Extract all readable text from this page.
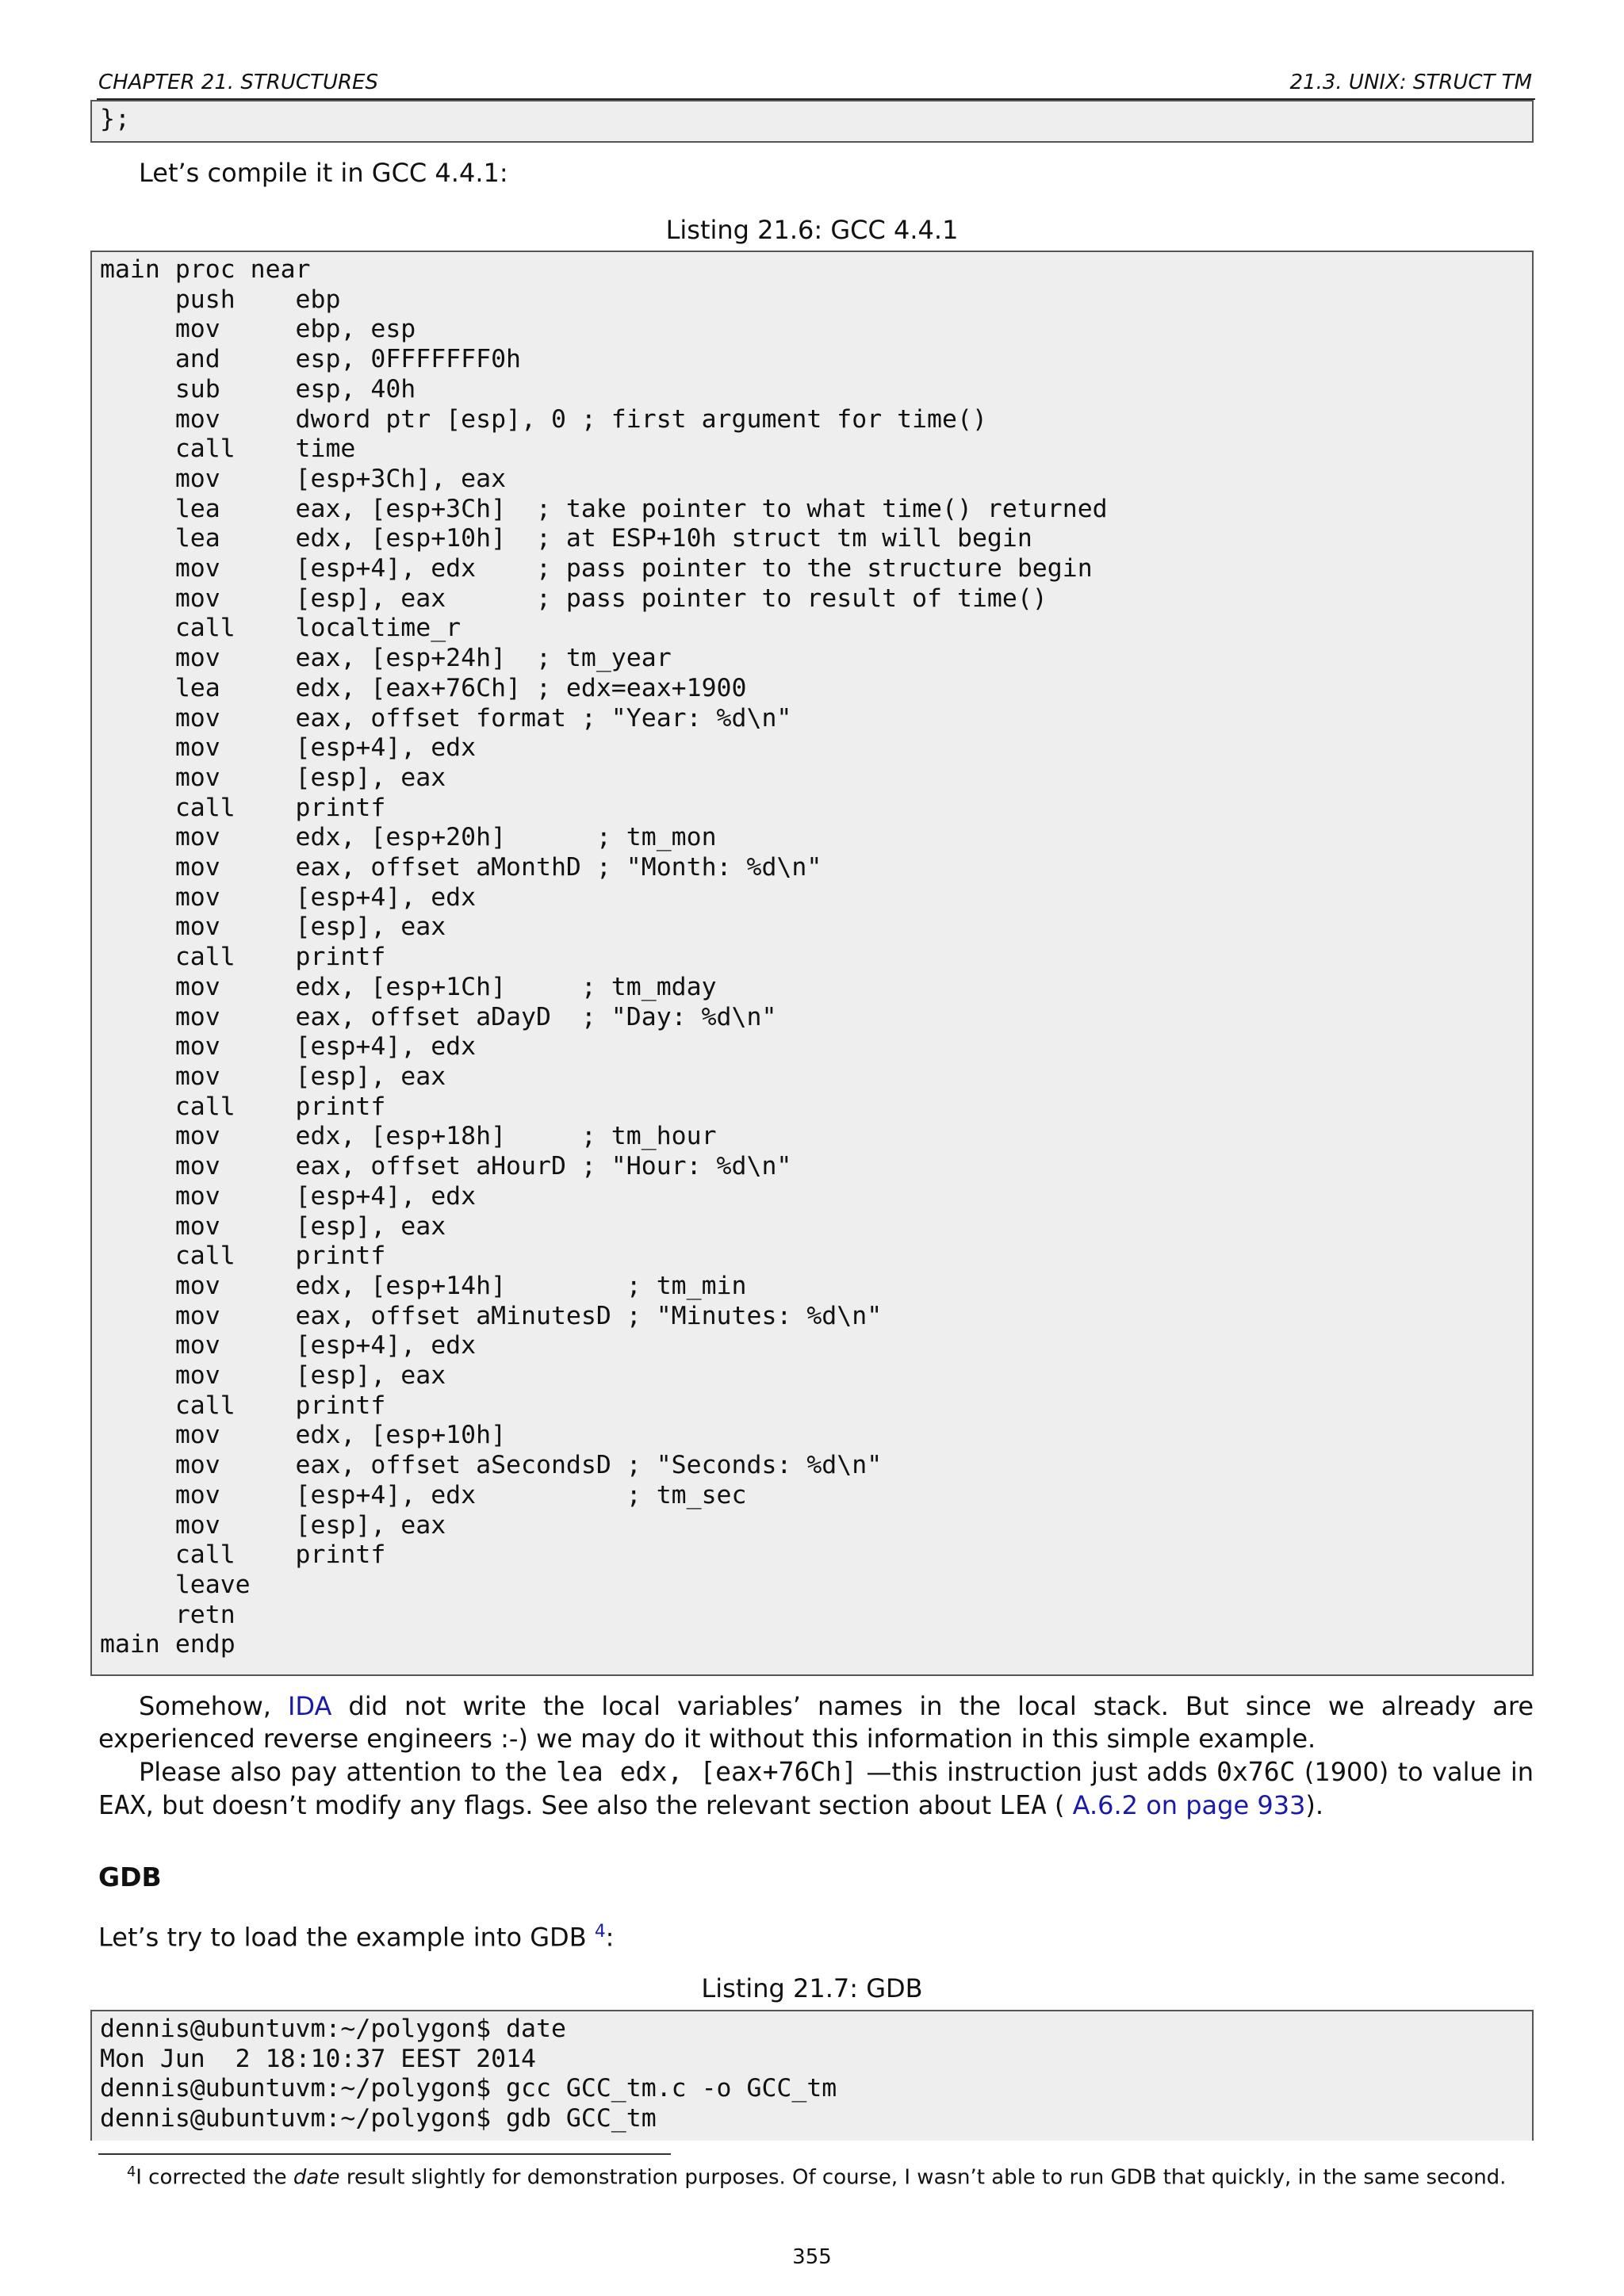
CHAPTER 21. STRUCTURES	21.3. UNIX: STRUCT TM
};
Let’s compile it in GCC 4.4.1:
Listing 21.6: GCC 4.4.1
main proc near
push    ebp
mov     ebp, esp
and     esp, 0FFFFFFF0h
sub     esp, 40h
mov     dword ptr [esp], 0 ; first argument for time()
call    time
mov     [esp+3Ch], eax
lea     eax, [esp+3Ch]  ; take pointer to what time() returned
lea     edx, [esp+10h]  ; at ESP+10h struct tm will begin
mov     [esp+4], edx    ; pass pointer to the structure begin
mov     [esp], eax      ; pass pointer to result of time()
call    localtime_r
mov     eax, [esp+24h]  ; tm_year
lea     edx, [eax+76Ch] ; edx=eax+1900
mov     eax, offset format ; "Year: %d\n"
mov     [esp+4], edx
mov     [esp], eax
call    printf
mov     edx, [esp+20h]      ; tm_mon
mov     eax, offset aMonthD ; "Month: %d\n"
mov     [esp+4], edx
mov     [esp], eax
call    printf
mov     edx, [esp+1Ch]     ; tm_mday
mov     eax, offset aDayD  ; "Day: %d\n"
mov     [esp+4], edx
mov     [esp], eax
call    printf
mov     edx, [esp+18h]     ; tm_hour
mov     eax, offset aHourD ; "Hour: %d\n"
mov     [esp+4], edx
mov     [esp], eax
call    printf
mov     edx, [esp+14h]        ; tm_min
mov     eax, offset aMinutesD ; "Minutes: %d\n"
mov     [esp+4], edx
mov     [esp], eax
call    printf
mov     edx, [esp+10h]
mov     eax, offset aSecondsD ; "Seconds: %d\n"
mov     [esp+4], edx          ; tm_sec
mov     [esp], eax
call    printf
leave
retn
main endp
Somehow, IDA did not write the local variables’ names in the local stack. But since we already are experienced reverse engineers :-) we may do it without this information in this simple example.
Please also pay attention to the lea edx, [eax+76Ch] —this instruction just adds 0x76C (1900) to value in EAX, but doesn’t modify any flags. See also the relevant section about LEA ( A.6.2 on page 933).
GDB
Let’s try to load the example into GDB $^4$:
Listing 21.7: GDB
dennis@ubuntuvm:~/polygon$ date
Mon Jun  2 18:10:37 EEST 2014
dennis@ubuntuvm:~/polygon$ gcc GCC_tm.c -o GCC_tm
dennis@ubuntuvm:~/polygon$ gdb GCC_tm
$^4$I corrected the date result slightly for demonstration purposes. Of course, I wasn’t able to run GDB that quickly, in the same second.
355
